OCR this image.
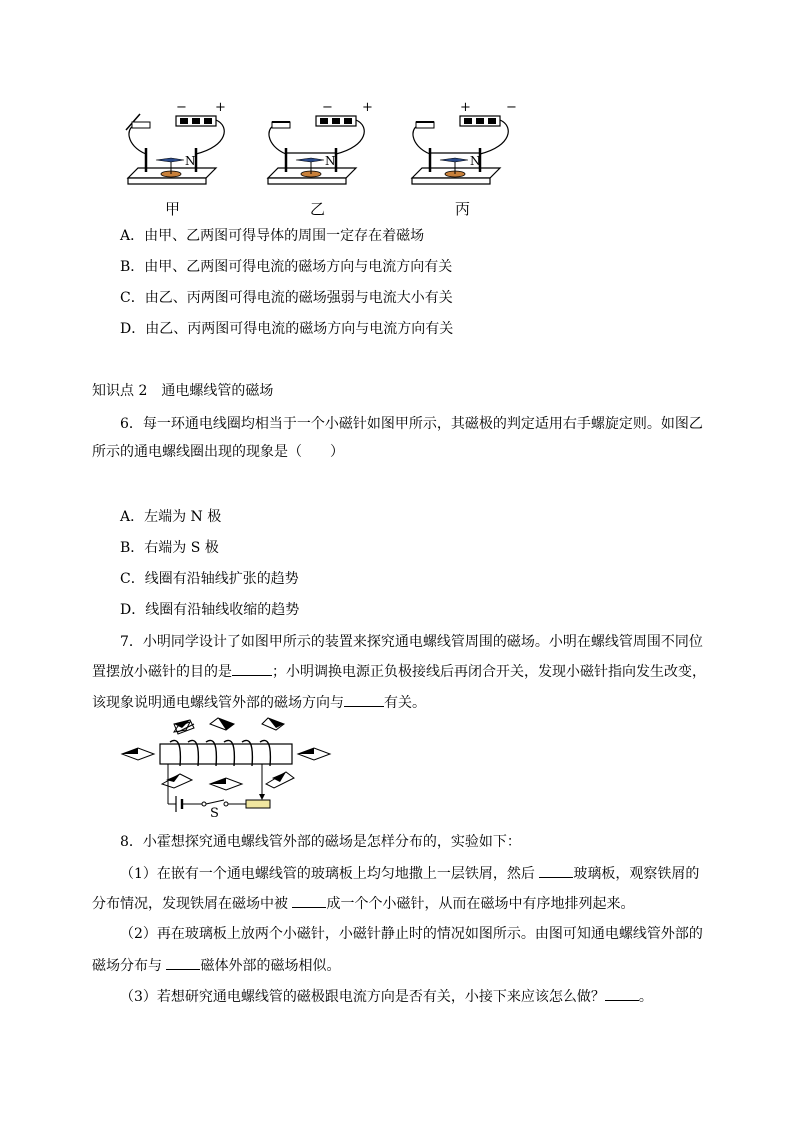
− +	− +	+	−
N	N	N
甲	乙	丙
A．由甲、乙两图可得导体的周围一定存在着磁场
B．由甲、乙两图可得电流的磁场方向与电流方向有关
C．由乙、丙两图可得电流的磁场强弱与电流大小有关
D．由乙、丙两图可得电流的磁场方向与电流方向有关
知识点 2　通电螺线管的磁场
6．每一环通电线圈均相当于一个小磁针如图甲所示，其磁极的判定适用右手螺旋定则。如图乙
所示的通电螺线圈出现的现象是（　　）
A．左端为 N 极
B．右端为 S 极
C．线圈有沿轴线扩张的趋势
D．线圈有沿轴线收缩的趋势
7．小明同学设计了如图甲所示的装置来探究通电螺线管周围的磁场。小明在螺线管周围不同位
置摆放小磁针的目的是	；小明调换电源正负极接线后再闭合开关，发现小磁针指向发生改变，
该现象说明通电螺线管外部的磁场方向与	有关。
S
8．小霍想探究通电螺线管外部的磁场是怎样分布的，实验如下：
（1）在嵌有一个通电螺线管的玻璃板上均匀地撒上一层铁屑，然后 玻璃板，观察铁屑的
分布情况，发现铁屑在磁场中被 成一个个小磁针，从而在磁场中有序地排列起来。
（2）再在玻璃板上放两个小磁针，小磁针静止时的情况如图所示。由图可知通电螺线管外部的
磁场分布与 磁体外部的磁场相似。
（3）若想研究通电螺线管的磁极跟电流方向是否有关，小接下来应该怎么做？ 。
